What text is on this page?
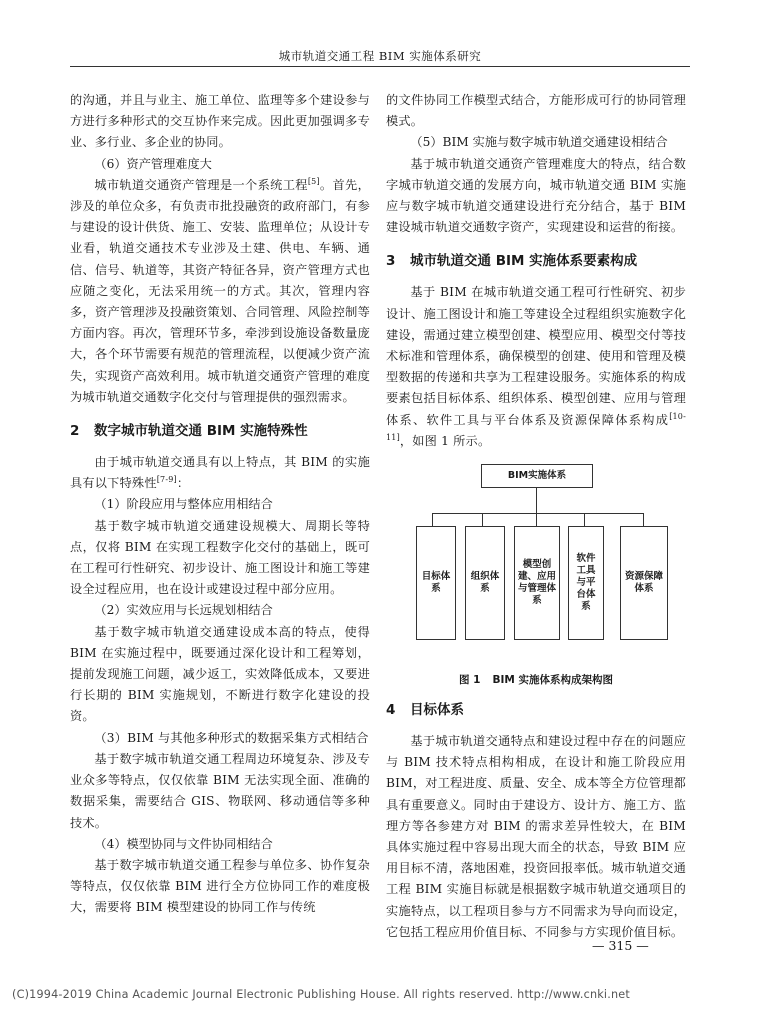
城市轨道交通工程 BIM 实施体系研究

的沟通，并且与业主、施工单位、监理等多个建设参与方进行多种形式的交互协作来完成。因此更加强调多专业、多行业、多企业的协同。

（6）资产管理难度大

城市轨道交通资产管理是一个系统工程[5]。首先，涉及的单位众多，有负责市批投融资的政府部门，有参与建设的设计供货、施工、安装、监理单位；从设计专业看，轨道交通技术专业涉及土建、供电、车辆、通信、信号、轨道等，其资产特征各异，资产管理方式也应随之变化，无法采用统一的方式。其次，管理内容多，资产管理涉及投融资策划、合同管理、风险控制等方面内容。再次，管理环节多，牵涉到设施设备数量庞大，各个环节需要有规范的管理流程，以便减少资产流失，实现资产高效利用。城市轨道交通资产管理的难度为城市轨道交通数字化交付与管理提供的强烈需求。

2 数字城市轨道交通 BIM 实施特殊性

由于城市轨道交通具有以上特点，其 BIM 的实施具有以下特殊性[7-9]：

（1）阶段应用与整体应用相结合

基于数字城市轨道交通建设规模大、周期长等特点，仅将 BIM 在实现工程数字化交付的基础上，既可在工程可行性研究、初步设计、施工图设计和施工等建设全过程应用，也在设计或建设过程中部分应用。

（2）实效应用与长远规划相结合

基于数字城市轨道交通建设成本高的特点，使得 BIM 在实施过程中，既要通过深化设计和工程筹划，提前发现施工问题，减少返工，实效降低成本，又要进行长期的 BIM 实施规划，不断进行数字化建设的投资。

（3）BIM 与其他多种形式的数据采集方式相结合

基于数字城市轨道交通工程周边环境复杂、涉及专业众多等特点，仅仅依靠 BIM 无法实现全面、准确的数据采集，需要结合 GIS、物联网、移动通信等多种技术。

（4）模型协同与文件协同相结合

基于数字城市轨道交通工程参与单位多、协作复杂等特点，仅仅依靠 BIM 进行全方位协同工作的难度极大，需要将 BIM 模型建设的协同工作与传统

的文件协同工作模型式结合，方能形成可行的协同管理模式。

（5）BIM 实施与数字城市轨道交通建设相结合

基于城市轨道交通资产管理难度大的特点，结合数字城市轨道交通的发展方向，城市轨道交通 BIM 实施应与数字城市轨道交通建设进行充分结合，基于 BIM 建设城市轨道交通数字资产，实现建设和运营的衔接。

3 城市轨道交通 BIM 实施体系要素构成

基于 BIM 在城市轨道交通工程可行性研究、初步设计、施工图设计和施工等建设全过程组织实施数字化建设，需通过建立模型创建、模型应用、模型交付等技术标准和管理体系，确保模型的创建、使用和管理及模型数据的传递和共享为工程建设服务。实施体系的构成要素包括目标体系、组织体系、模型创建、应用与管理体系、软件工具与平台体系及资源保障体系构成[10-11]，如图 1 所示。

BIM实施体系
目标体系
组织体系
模型创建、应用与管理体系
软件工具与平台体系
资源保障体系
图 1 BIM 实施体系构成架构图
4 目标体系

基于城市轨道交通特点和建设过程中存在的问题应与 BIM 技术特点相构相成，在设计和施工阶段应用 BIM，对工程进度、质量、安全、成本等全方位管理都具有重要意义。同时由于建设方、设计方、施工方、监理方等各参建方对 BIM 的需求差异性较大，在 BIM 具体实施过程中容易出现大而全的状态，导致 BIM 应用目标不清，落地困难，投资回报率低。城市轨道交通工程 BIM 实施目标就是根据数字城市轨道交通项目的实施特点，以工程项目参与方不同需求为导向而设定，它包括工程应用价值目标、不同参与方实现价值目标。

— 315 —
(C)1994-2019 China Academic Journal Electronic Publishing House. All rights reserved. http://www.cnki.net
